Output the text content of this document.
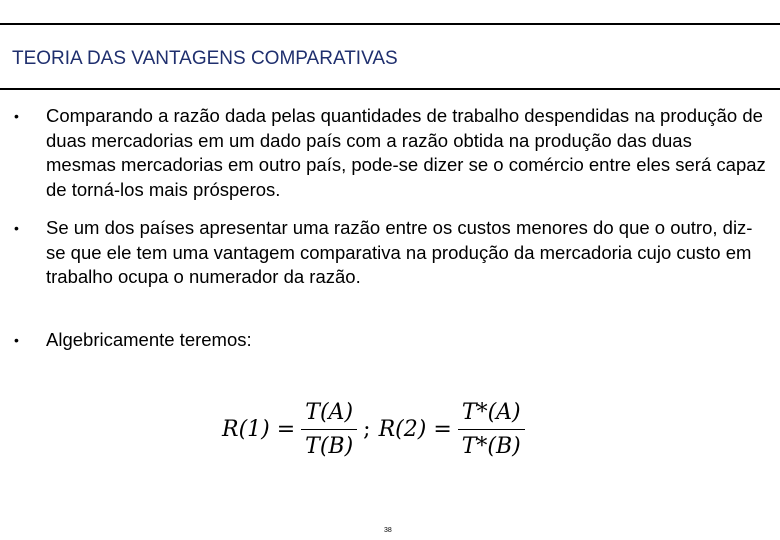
TEORIA DAS VANTAGENS COMPARATIVAS
• Comparando a razão dada pelas quantidades de trabalho despendidas na produção de duas mercadorias em um dado país com a razão obtida na produção das duas mesmas mercadorias em outro país, pode-se dizer se o comércio entre eles será capaz de torná-los mais prósperos.
• Se um dos países apresentar uma razão entre os custos menores do que o outro, diz-se que ele tem uma vantagem comparativa na produção da mercadoria cujo custo em trabalho ocupa o numerador da razão.
• Algebricamente teremos:
$R(1) = \frac{T(A)}{T(B)}$ ; $R(2) = \frac{T*(A)}{T*(B)}$
38
